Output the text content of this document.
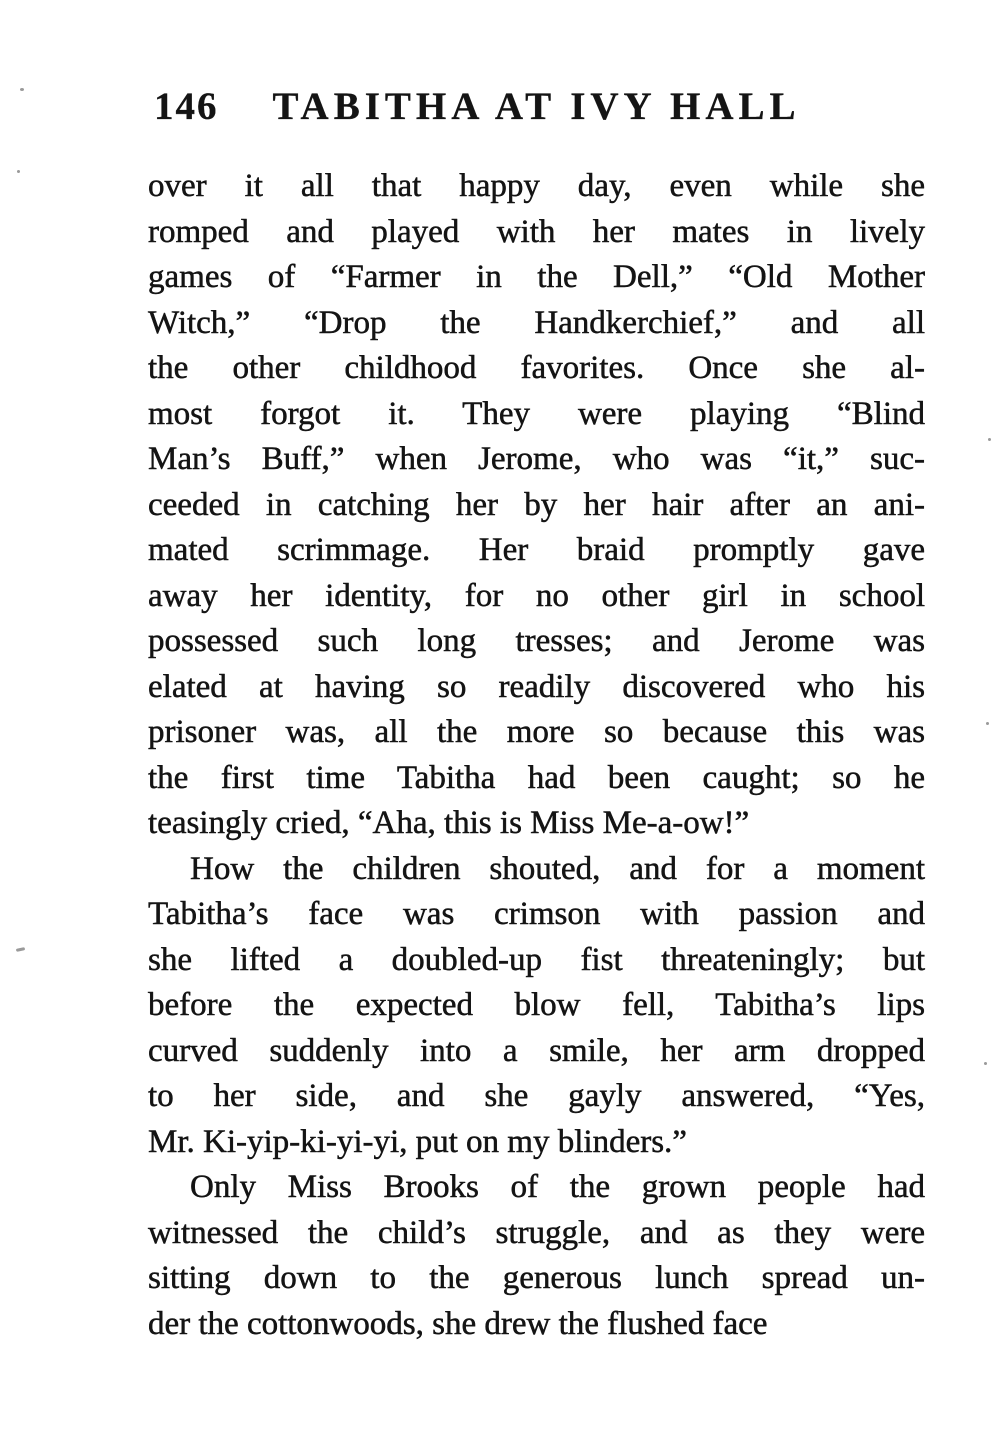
146	TABITHA AT IVY HALL

over it all that happy day, even while she
romped and played with her mates in lively
games of “Farmer in the Dell,” “Old Mother
Witch,” “Drop the Handkerchief,” and all
the other childhood favorites. Once she al-
most forgot it. They were playing “Blind
Man’s Buff,” when Jerome, who was “it,” suc-
ceeded in catching her by her hair after an ani-
mated scrimmage. Her braid promptly gave
away her identity, for no other girl in school
possessed such long tresses; and Jerome was
elated at having so readily discovered who his
prisoner was, all the more so because this was
the first time Tabitha had been caught; so he
teasingly cried, “Aha, this is Miss Me-a-ow!”

How the children shouted, and for a moment
Tabitha’s face was crimson with passion and
she lifted a doubled-up fist threateningly; but
before the expected blow fell, Tabitha’s lips
curved suddenly into a smile, her arm dropped
to her side, and she gayly answered, “Yes,
Mr. Ki-yip-ki-yi-yi, put on my blinders.”

Only Miss Brooks of the grown people had
witnessed the child’s struggle, and as they were
sitting down to the generous lunch spread un-
der the cottonwoods, she drew the flushed face
